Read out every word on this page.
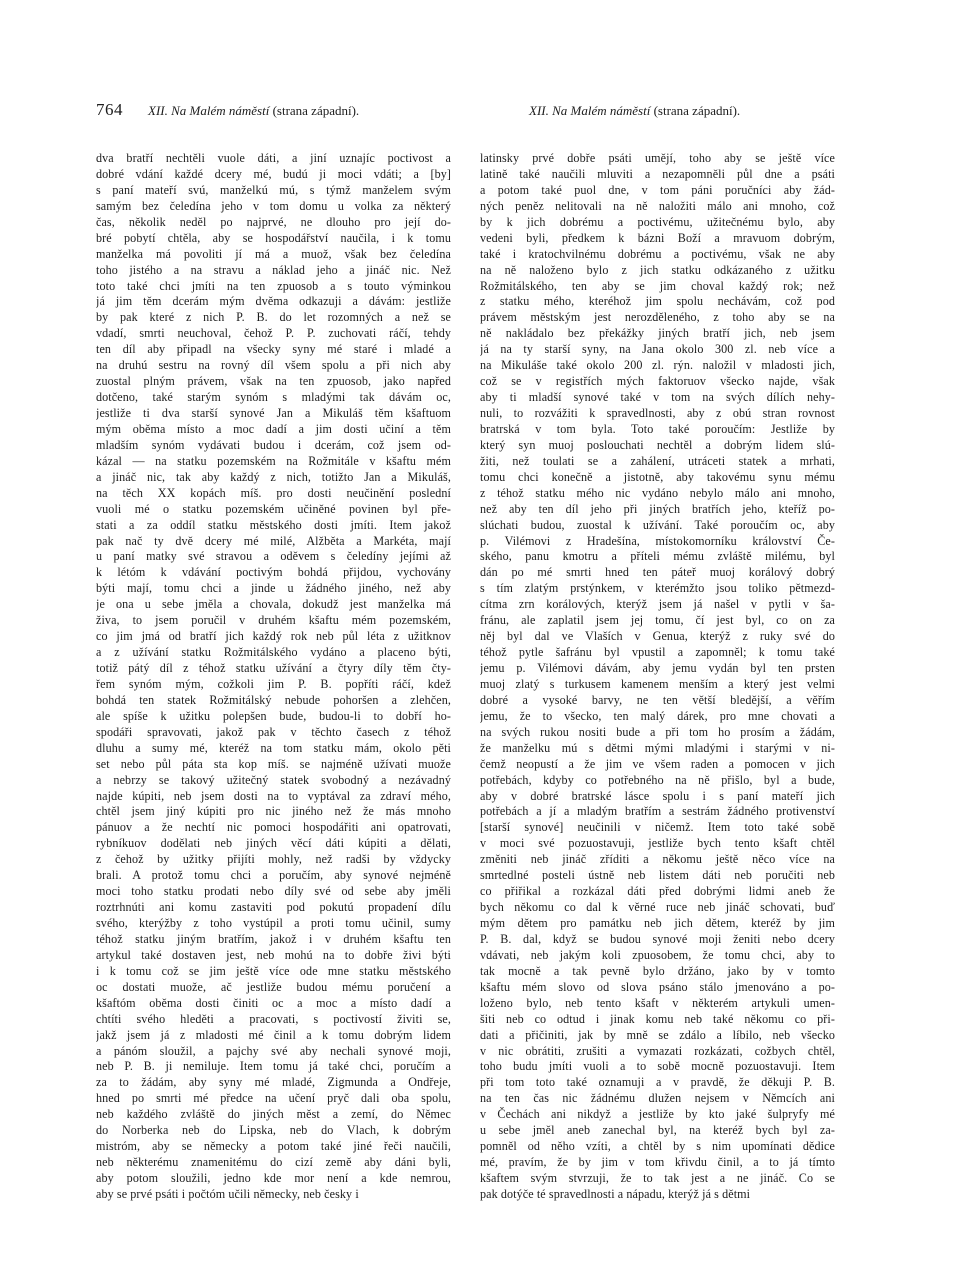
764 XII. Na Malém náměstí (strana západní).	XII. Na Malém náměstí (strana západní).
dva bratří nechtěli vuole dáti, a jiní uznajíc poctivost a
dobré vdání každé dcery mé, budú ji moci vdáti; a [by]
s paní mateří svú, manželkú mú, s týmž manželem svým
samým bez čeledína jeho v tom domu u volka za některý
čas, několik neděl po najprvé, ne dlouho pro její do-
bré pobytí chtěla, aby se hospodářství naučila, i k tomu
manželka má povoliti jí má a muož, však bez čeledína
toho jistého a na stravu a náklad jeho a jináč nic. Než
toto také chci jmíti na ten zpuosob a s touto výminkou
já jim těm dcerám mým dvěma odkazuji a dávám: jestliže
by pak které z nich P. B. do let rozomných a než se
vdadí, smrti neuchoval, čehož P. P. zuchovati ráčí, tehdy
ten díl aby připadl na všecky syny mé staré i mladé a
na druhú sestru na rovný díl všem spolu a při nich aby
zuostal plným právem, však na ten zpuosob, jako napřed
dotčeno, také starým synóm s mladými tak dávám oc,
jestliže ti dva starší synové Jan a Mikuláš těm kšaftuom
mým oběma místo a moc dadí a jim dosti učiní a těm
mladším synóm vydávati budou i dcerám, což jsem od-
kázal — na statku pozemském na Rožmitále v kšaftu mém
a jináč nic, tak aby každý z nich, totižto Jan a Mikuláš,
na těch XX kopách míš. pro dosti neučinění poslední
vuoli mé o statku pozemském učiněné povinen byl pře-
stati a za oddíl statku městského dosti jmíti. Item jakož
pak nač ty dvě dcery mé milé, Alžběta a Markéta, mají
u paní matky své stravou a oděvem s čeledíny jejími až
k létóm k vdávání poctivým bohdá přijdou, vychovány
býti mají, tomu chci a jinde u žádného jiného, než aby
je ona u sebe jměla a chovala, dokudž jest manželka má
živa, to jsem poručil v druhém kšaftu mém pozemském,
co jim jmá od bratří jich každý rok neb půl léta z užitknov
a z užívání statku Rožmitálského vydáno a placeno býti,
totiž pátý díl z téhož statku užívání a čtyry díly těm čty-
řem synóm mým, cožkoli jim P. B. popříti ráčí, kdež
bohdá ten statek Rožmitálský nebude pohoršen a zlehčen,
ale spíše k užitku polepšen bude, budou-li to dobří ho-
spodáři spravovati, jakož pak v těchto časech z téhož
dluhu a sumy mé, kteréž na tom statku mám, okolo pěti
set nebo půl páta sta kop míš. se najméně užívati muože
a nebrzy se takový užitečný statek svobodný a nezávadný
najde kúpiti, neb jsem dosti na to vyptával za zdraví mého,
chtěl jsem jiný kúpiti pro nic jiného než že más mnoho
pánuov a že nechtí nic pomoci hospodářiti ani opatrovati,
rybníkuov dodělati neb jiných věcí dáti kúpiti a dělati,
z čehož by užitky přijíti mohly, než radši by vždycky
brali. A protož tomu chci a poručím, aby synové nejméně
moci toho statku prodati nebo díly své od sebe aby jměli
roztrhnúti ani komu zastaviti pod pokutú propadení dílu
svého, kterýžby z toho vystúpil a proti tomu učinil, sumy
téhož statku jiným bratřím, jakož i v druhém kšaftu ten
artykul také dostaven jest, neb mohú na to dobře živi býti
i k tomu což se jim ještě více ode mne statku městského
oc dostati muože, ač jestliže budou mému poručení a
kšaftóm oběma dosti činiti oc a moc a místo dadí a
chtíti svého hleděti a pracovati, s poctivostí živiti se,
jakž jsem já z mladosti mé činil a k tomu dobrým lidem
a pánóm sloužil, a pajchy své aby nechali synové moji,
neb P. B. ji nemiluje. Item tomu já také chci, poručím a
za to žádám, aby syny mé mladé, Zigmunda a Ondřeje,
hned po smrti mé předce na učení pryč dali oba spolu,
neb každého zvláště do jiných měst a zemí, do Němec
do Norberka neb do Lipska, neb do Vlach, k dobrým
mistróm, aby se německy a potom také jiné řeči naučili,
neb některému znamenitému do cizí země aby dáni byli,
aby potom sloužili, jedno kde mor není a kde nemrou,
aby se prvé psáti i počtóm učili německy, neb česky i
latinsky prvé dobře psáti umějí, toho aby se ještě více
latině také naučili mluviti a nezapomněli půl dne a psáti
a potom také puol dne, v tom páni poručníci aby žád-
ných peněz nelitovali na ně naložiti málo ani mnoho, což
by k jich dobrému a poctivému, užitečnému bylo, aby
vedeni byli, předkem k bázni Boží a mravuom dobrým,
také i kratochvilnému dobrému a poctivému, však ne aby
na ně naloženo bylo z jich statku odkázaného z užitku
Rožmitálského, ten aby se jim choval každý rok; než
z statku mého, kteréhož jim spolu nechávám, což pod
právem městským jest nerozděleného, z toho aby se na
ně nakládalo bez překážky jiných bratří jich, neb jsem
já na ty starší syny, na Jana okolo 300 zl. neb více a
na Mikuláše také okolo 200 zl. rýn. naložil v mladosti jich,
což se v registřích mých faktoruov všecko najde, však
aby ti mladší synové také v tom na svých dílích nehy-
nuli, to rozvážiti k spravedlnosti, aby z obú stran rovnost
bratrská v tom byla. Toto také poroučím: Jestliže by
který syn muoj poslouchati nechtěl a dobrým lidem slú-
žiti, než toulati se a zahálení, utráceti statek a mrhati,
tomu chci konečně a jistotně, aby takovému synu mému
z téhož statku mého nic vydáno nebylo málo ani mnoho,
než aby ten díl jeho při jiných bratřích jeho, kteříž po-
slúchati budou, zuostal k užívání. Také poroučím oc, aby
p. Vilémovi z Hradešína, místokomorníku království Če-
ského, panu kmotru a příteli mému zvláště milému, byl
dán po mé smrti hned ten páteř muoj korálový dobrý
s tím zlatým prstýnkem, v kterémžto jsou toliko pětmezd-
cítma zrn korálových, kterýž jsem já našel v pytli v ša-
fránu, ale zaplatil jsem jej tomu, čí jest byl, co on za
něj byl dal ve Vlaších v Genua, kterýž z ruky své do
téhož pytle šafránu byl vpustil a zapomněl; k tomu také
jemu p. Vilémovi dávám, aby jemu vydán byl ten prsten
muoj zlatý s turkusem kamenem menším a který jest velmi
dobré a vysoké barvy, ne ten větší bledější, a věřím
jemu, že to všecko, ten malý dárek, pro mne chovati a
na svých rukou nositi bude a při tom ho prosím a žádám,
že manželku mú s dětmi mými mladými i starými v ni-
čemž neopustí a že jim ve všem raden a pomocen v jich
potřebách, kdyby co potřebného na ně přišlo, byl a bude,
aby v dobré bratrské lásce spolu i s paní mateří jich
potřebách a jí a mladým bratřím a sestrám žádného protivenství
[starší synové] neučinili v ničemž. Item toto také sobě
v moci své pozuostavuji, jestliže bych tento kšaft chtěl
změniti neb jináč zříditi a někomu ještě něco více na
smrtedlné posteli ústně neb listem dáti neb poručiti neb
co přiřikal a rozkázal dáti před dobrými lidmi aneb že
bych někomu co dal k věrné ruce neb jináč schovati, buď
mým dětem pro památku neb jich dětem, kteréž by jim
P. B. dal, když se budou synové moji ženiti nebo dcery
vdávati, neb jakým koli zpuosobem, že tomu chci, aby to
tak mocně a tak pevně bylo držáno, jako by v tomto
kšaftu mém slovo od slova psáno stálo jmenováno a po-
loženo bylo, neb tento kšaft v některém artykuli umen-
šiti neb co odtud i jinak komu neb také někomu co při-
dati a přičiniti, jak by mně se zdálo a líbilo, neb všecko
v nic obrátiti, zrušiti a vymazati rozkázati, cožbych chtěl,
toho budu jmíti vuoli a to sobě mocně pozuostavuji. Item
při tom toto také oznamuji a v pravdě, že děkuji P. B.
na ten čas nic žádnému dlužen nejsem v Němcích ani
v Čechách ani nikdyž a jestliže by kto jaké šulpryfy mé
u sebe jměl aneb zanechal byl, na kteréž bych byl za-
pomněl od něho vzíti, a chtěl by s nim upomínati dědice
mé, pravím, že by jim v tom křivdu činil, a to já tímto
kšaftem svým stvrzuji, že to tak jest a ne jináč. Co se
pak dotýče té spravedlnosti a nápadu, kterýž já s dětmi
